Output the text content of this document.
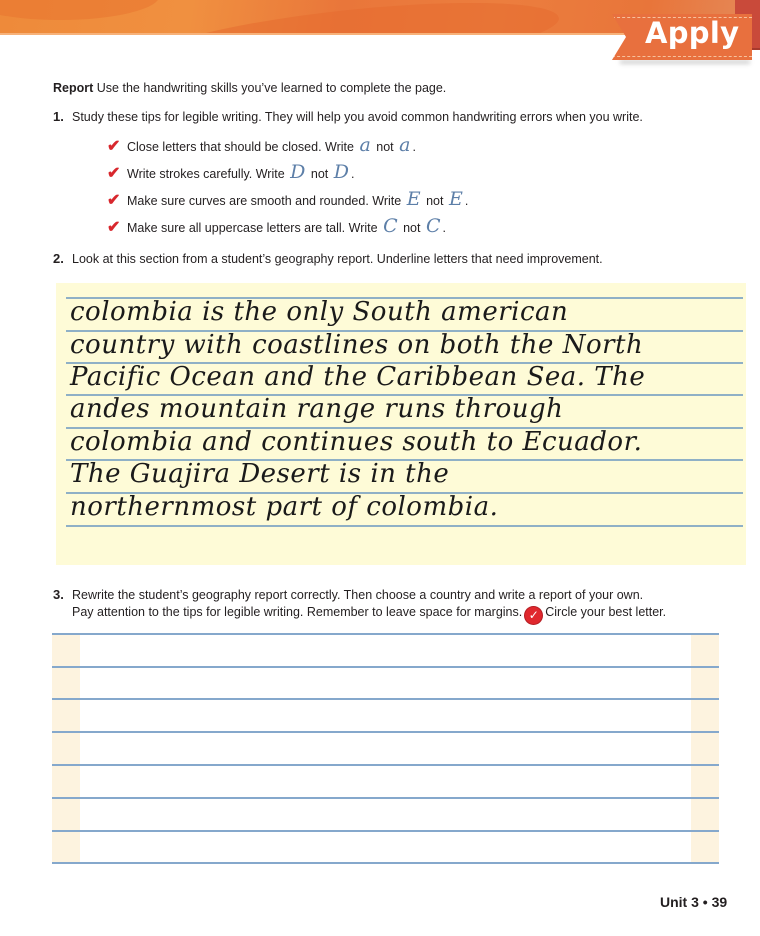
Apply
Report Use the handwriting skills you’ve learned to complete the page.
1. Study these tips for legible writing. They will help you avoid common handwriting errors when you write.
✔ Close letters that should be closed. Write a not a .
✔ Write strokes carefully. Write D not D .
✔ Make sure curves are smooth and rounded. Write E not E .
✔ Make sure all uppercase letters are tall. Write C not C .
2. Look at this section from a student’s geography report. Underline letters that need improvement.
colombia is the only South american
country with coastlines on both the North
Pacific Ocean and the Caribbean Sea. The
andes mountain range runs through
colombia and continues south to Ecuador.
The Guajira Desert is in the
northernmost part of colombia.
3. Rewrite the student’s geography report correctly. Then choose a country and write a report of your own.
Pay attention to the tips for legible writing. Remember to leave space for margins. ✓ Circle your best letter.
Unit 3 • 39
